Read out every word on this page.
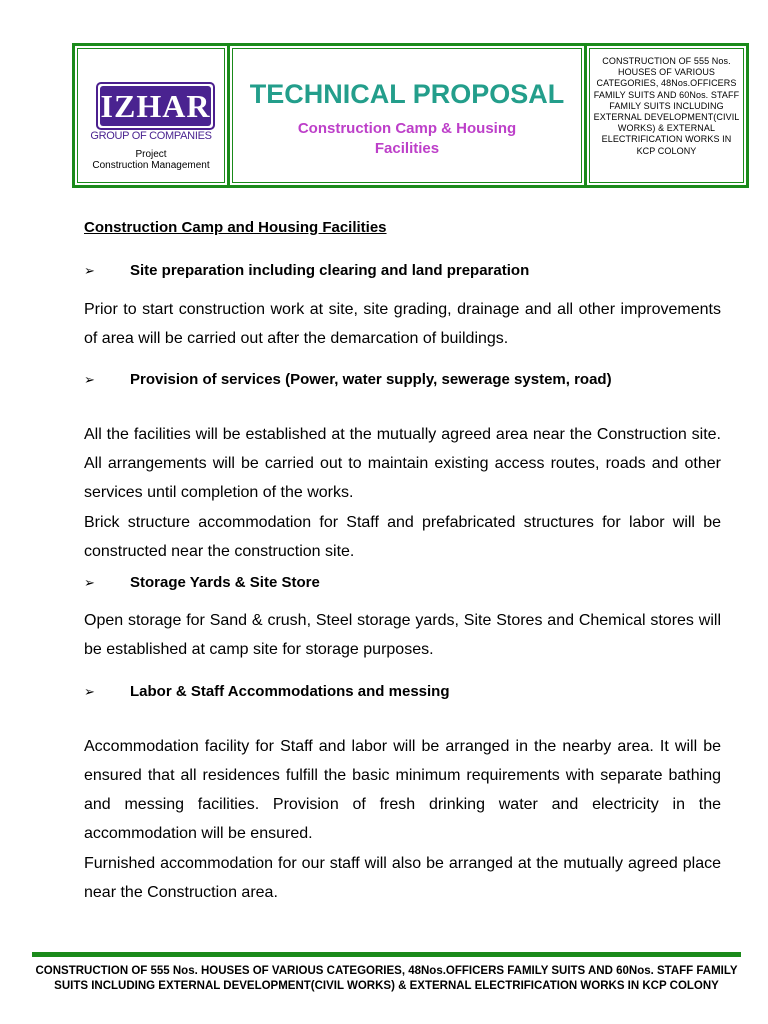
IZHAR
GROUP OF COMPANIES
Project
Construction Management
TECHNICAL PROPOSAL
Construction Camp & Housing Facilities
CONSTRUCTION OF 555 Nos. HOUSES OF VARIOUS CATEGORIES, 48Nos.OFFICERS FAMILY SUITS AND 60Nos. STAFF FAMILY SUITS INCLUDING EXTERNAL DEVELOPMENT(CIVIL WORKS) & EXTERNAL ELECTRIFICATION WORKS IN KCP COLONY
Construction Camp and Housing Facilities
➢ Site preparation including clearing and land preparation
Prior to start construction work at site, site grading, drainage and all other improvements of area will be carried out after the demarcation of buildings.
➢ Provision of services (Power, water supply, sewerage system, road)
All the facilities will be established at the mutually agreed area near the Construction site. All arrangements will be carried out to maintain existing access routes, roads and other services until completion of the works.
Brick structure accommodation for Staff and prefabricated structures for labor will be constructed near the construction site.
➢ Storage Yards & Site Store
Open storage for Sand & crush, Steel storage yards, Site Stores and Chemical stores will be established at camp site for storage purposes.
➢ Labor & Staff Accommodations and messing
Accommodation facility for Staff and labor will be arranged in the nearby area. It will be ensured that all residences fulfill the basic minimum requirements with separate bathing and messing facilities. Provision of fresh drinking water and electricity in the accommodation will be ensured.
Furnished accommodation for our staff will also be arranged at the mutually agreed place near the Construction area.
CONSTRUCTION OF 555 Nos. HOUSES OF VARIOUS CATEGORIES, 48Nos.OFFICERS FAMILY SUITS AND 60Nos. STAFF FAMILY SUITS INCLUDING EXTERNAL DEVELOPMENT(CIVIL WORKS) & EXTERNAL ELECTRIFICATION WORKS IN KCP COLONY
